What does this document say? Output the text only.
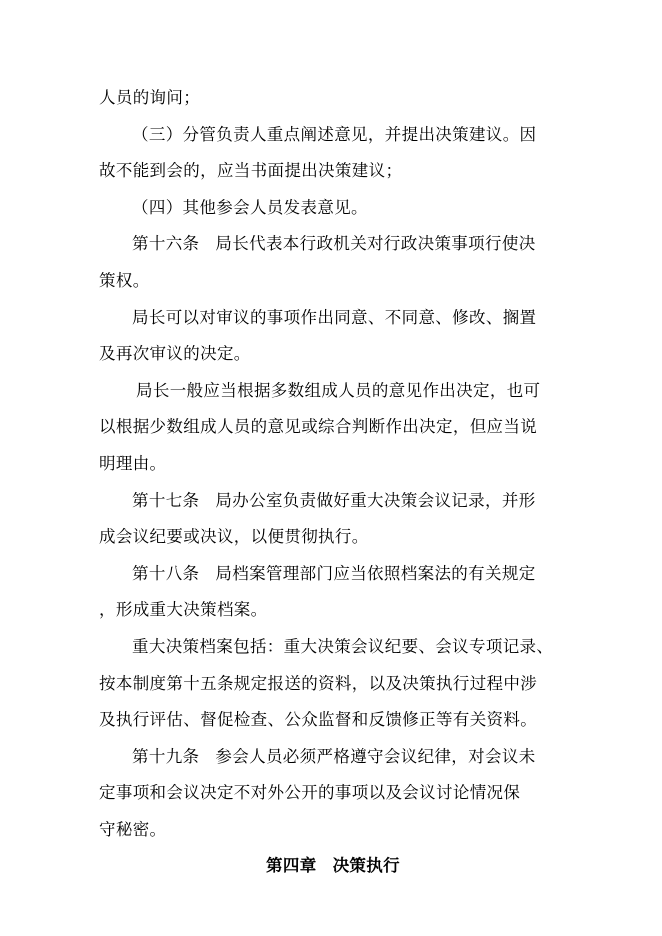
人员的询问；
（三）分管负责人重点阐述意见，并提出决策建议。因
故不能到会的，应当书面提出决策建议；
（四）其他参会人员发表意见。
第十六条 局长代表本行政机关对行政决策事项行使决
策权。
局长可以对审议的事项作出同意、不同意、修改、搁置
及再次审议的决定。
局长一般应当根据多数组成人员的意见作出决定，也可
以根据少数组成人员的意见或综合判断作出决定，但应当说
明理由。
第十七条 局办公室负责做好重大决策会议记录，并形
成会议纪要或决议，以便贯彻执行。
第十八条 局档案管理部门应当依照档案法的有关规定
，形成重大决策档案。
重大决策档案包括：重大决策会议纪要、会议专项记录、
按本制度第十五条规定报送的资料，以及决策执行过程中涉
及执行评估、督促检查、公众监督和反馈修正等有关资料。
第十九条 参会人员必须严格遵守会议纪律，对会议未
定事项和会议决定不对外公开的事项以及会议讨论情况保
守秘密。
第四章 决策执行
